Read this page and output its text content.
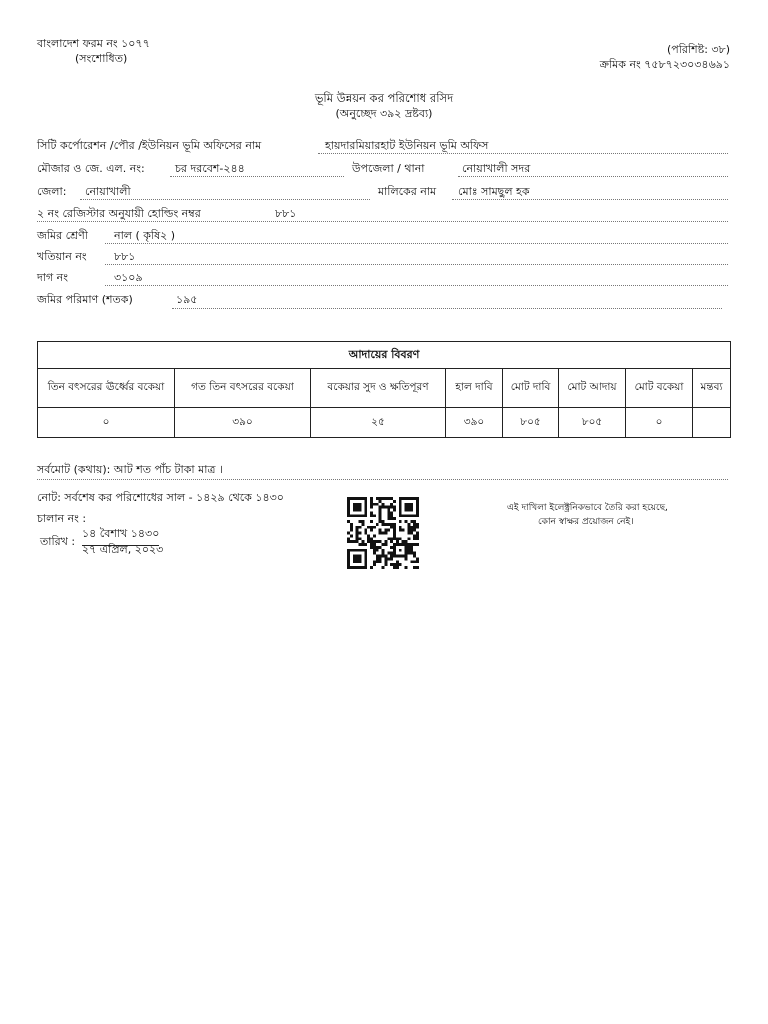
বাংলাদেশ ফরম নং ১০৭৭
(সংশোধিত)
(পরিশিষ্ট: ৩৮)
ক্রমিক নং ৭৫৮৭২৩০৩৪৬৯১
ভূমি উন্নয়ন কর পরিশোধ রসিদ
(অনুচ্ছেদ ৩৯২ দ্রষ্টব্য)
সিটি কর্পোরেশন /পৌর /ইউনিয়ন ভূমি অফিসের নাম	হায়দারমিয়ারহাট ইউনিয়ন ভূমি অফিস
মৌজার ও জে. এল. নং:	চর দরবেশ-২৪৪	উপজেলা / থানা	নোয়াখালী সদর
জেলা: নোয়াখালী	মালিকের নাম মোঃ সামছুল হক
২ নং রেজিস্টার অনুযায়ী হোল্ডিং নম্বর	৮৮১
জমির শ্রেণী নাল ( কৃষি২ )
খতিয়ান নং ৮৮১
দাগ নং	৩১০৯
জমির পরিমাণ (শতক)	১৯৫
আদায়ের বিবরণ							
তিন বৎসরের ঊর্ধ্বের বকেয়া	গত তিন বৎসরের বকেয়া	বকেয়ার সুদ ও ক্ষতিপূরণ	হাল দাবি	মোট দাবি	মোট আদায়	মোট বকেয়া	মন্তব্য
০	৩৯০	২৫	৩৯০	৮০৫	৮০৫	০	
সর্বমোট (কথায়): আট শত পাঁচ টাকা মাত্র ।
নোট: সর্বশেষ কর পরিশোধের সাল - ১৪২৯ থেকে ১৪৩০
চালান নং :
তারিখ :
১৪ বৈশাখ ১৪৩০
২৭ এপ্রিল, ২০২৩
এই দাখিলা ইলেক্ট্রনিকভাবে তৈরি করা হয়েছে,
কোন স্বাক্ষর প্রয়োজন নেই।
